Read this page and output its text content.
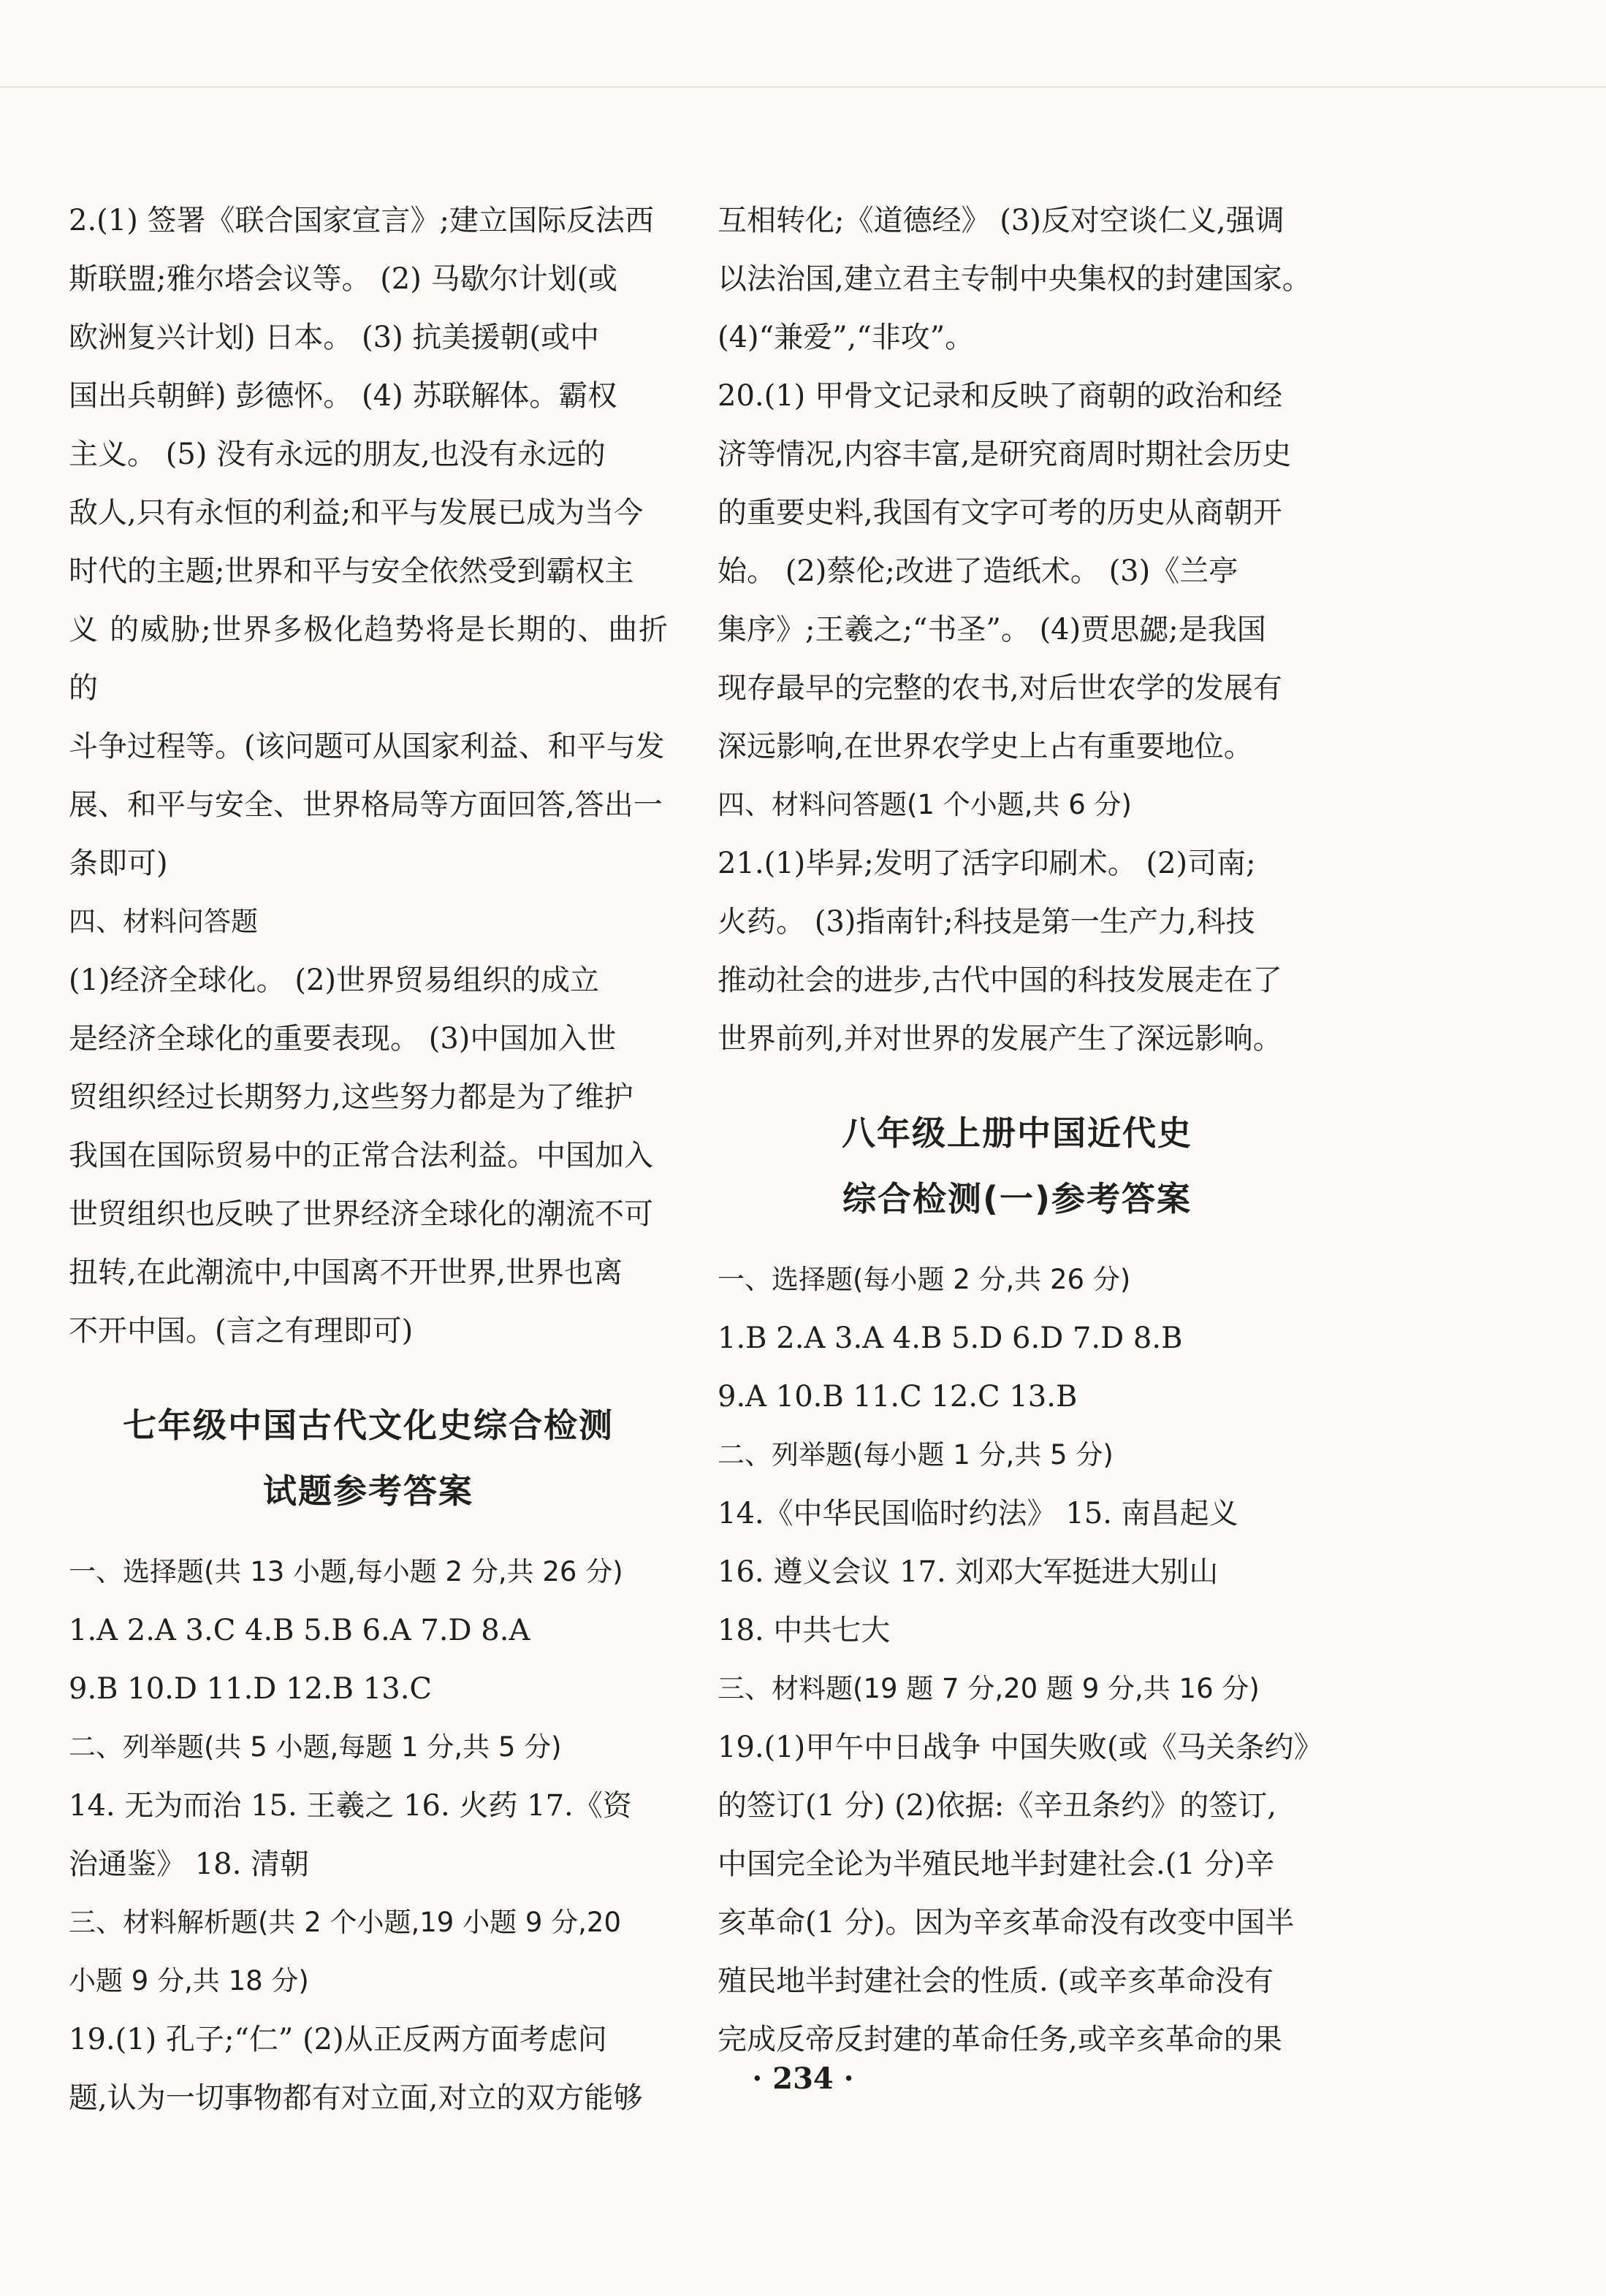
2.(1) 签署《联合国家宣言》;建立国际反法西

斯联盟;雅尔塔会议等。 (2) 马歇尔计划(或

欧洲复兴计划) 日本。 (3) 抗美援朝(或中

国出兵朝鲜) 彭德怀。 (4) 苏联解体。霸权

主义。 (5) 没有永远的朋友,也没有永远的

敌人,只有永恒的利益;和平与发展已成为当今

时代的主题;世界和平与安全依然受到霸权主

义 的威胁;世界多极化趋势将是长期的、曲折的

斗争过程等。(该问题可从国家利益、和平与发

展、和平与安全、世界格局等方面回答,答出一

条即可)

四、材料问答题

(1)经济全球化。 (2)世界贸易组织的成立

是经济全球化的重要表现。 (3)中国加入世

贸组织经过长期努力,这些努力都是为了维护

我国在国际贸易中的正常合法利益。中国加入

世贸组织也反映了世界经济全球化的潮流不可

扭转,在此潮流中,中国离不开世界,世界也离

不开中国。(言之有理即可)

七年级中国古代文化史综合检测

试题参考答案

一、选择题(共 13 小题,每小题 2 分,共 26 分)

1.A 2.A 3.C 4.B 5.B 6.A 7.D 8.A

9.B 10.D 11.D 12.B 13.C

二、列举题(共 5 小题,每题 1 分,共 5 分)

14. 无为而治 15. 王羲之 16. 火药 17.《资

治通鉴》 18. 清朝

三、材料解析题(共 2 个小题,19 小题 9 分,20

小题 9 分,共 18 分)

19.(1) 孔子;“仁” (2)从正反两方面考虑问

题,认为一切事物都有对立面,对立的双方能够

互相转化;《道德经》 (3)反对空谈仁义,强调

以法治国,建立君主专制中央集权的封建国家。

(4)“兼爱”,“非攻”。

20.(1) 甲骨文记录和反映了商朝的政治和经

济等情况,内容丰富,是研究商周时期社会历史

的重要史料,我国有文字可考的历史从商朝开

始。 (2)蔡伦;改进了造纸术。 (3)《兰亭

集序》;王羲之;“书圣”。 (4)贾思勰;是我国

现存最早的完整的农书,对后世农学的发展有

深远影响,在世界农学史上占有重要地位。

四、材料问答题(1 个小题,共 6 分)

21.(1)毕昇;发明了活字印刷术。 (2)司南;

火药。 (3)指南针;科技是第一生产力,科技

推动社会的进步,古代中国的科技发展走在了

世界前列,并对世界的发展产生了深远影响。

八年级上册中国近代史

综合检测(一)参考答案

一、选择题(每小题 2 分,共 26 分)

1.B 2.A 3.A 4.B 5.D 6.D 7.D 8.B

9.A 10.B 11.C 12.C 13.B

二、列举题(每小题 1 分,共 5 分)

14.《中华民国临时约法》 15. 南昌起义

16. 遵义会议 17. 刘邓大军挺进大别山

18. 中共七大

三、材料题(19 题 7 分,20 题 9 分,共 16 分)

19.(1)甲午中日战争 中国失败(或《马关条约》

的签订(1 分) (2)依据:《辛丑条约》的签订,

中国完全论为半殖民地半封建社会.(1 分)辛

亥革命(1 分)。因为辛亥革命没有改变中国半

殖民地半封建社会的性质. (或辛亥革命没有

完成反帝反封建的革命任务,或辛亥革命的果

· 234 ·
